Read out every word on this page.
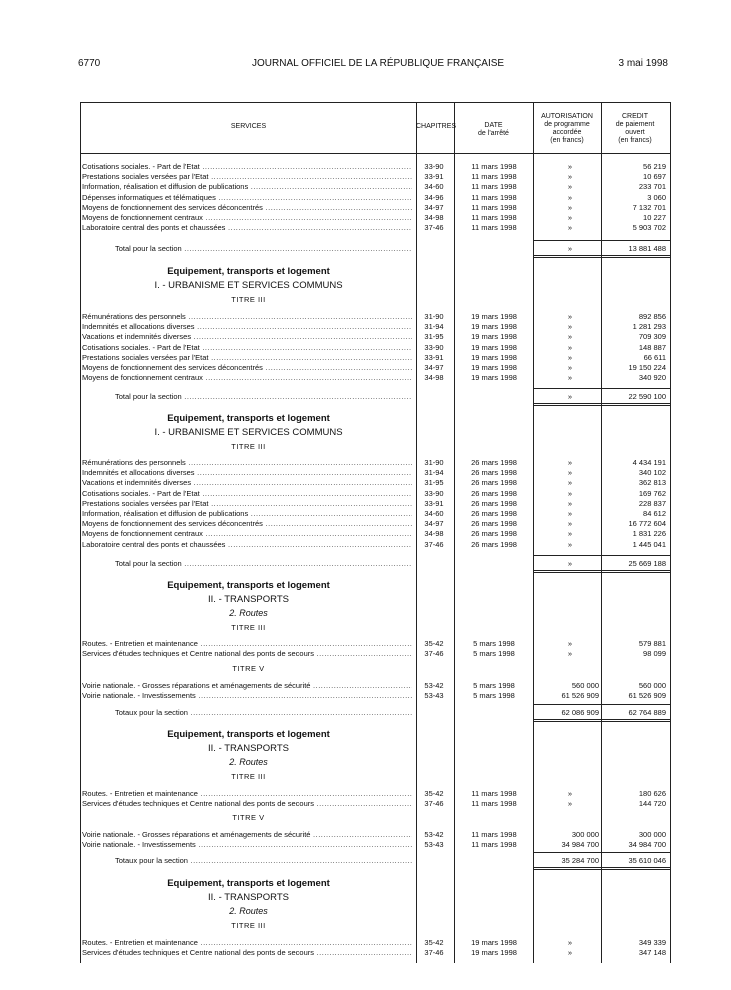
6770	JOURNAL OFFICIEL DE LA RÉPUBLIQUE FRANÇAISE	3 mai 1998
SERVICES	CHAPITRES	DATE
de l'arrêté
AUTORISATION
de programme
accordée
(en francs)
CREDIT
de paiement
ouvert
(en francs)
Cotisations sociales. - Part de l'Etat .....	33-90	11 mars 1998	»	56 219
Prestations sociales versées par l'Etat .....	33-91	11 mars 1998	»	10 697
Information, réalisation et diffusion de publications .....	34-60	11 mars 1998	»	233 701
Dépenses informatiques et télématiques .....	34-96	11 mars 1998	»	3 060
Moyens de fonctionnement des services déconcentrés .....	34-97	11 mars 1998	»	7 132 701
Moyens de fonctionnement centraux .....	34-98	11 mars 1998	»	10 227
Laboratoire central des ponts et chaussées .....	37-46	11 mars 1998	»	5 903 702
Total pour la section .....	»	13 881 488
Equipement, transports et logement
I. - URBANISME ET SERVICES COMMUNS
TITRE III
Rémunérations des personnels .....	31-90	19 mars 1998	»	892 856
Indemnités et allocations diverses .....	31-94	19 mars 1998	»	1 281 293
Vacations et indemnités diverses .....	31-95	19 mars 1998	»	709 309
Cotisations sociales. - Part de l'Etat .....	33-90	19 mars 1998	»	148 887
Prestations sociales versées par l'Etat .....	33-91	19 mars 1998	»	66 611
Moyens de fonctionnement des services déconcentrés .....	34-97	19 mars 1998	»	19 150 224
Moyens de fonctionnement centraux .....	34-98	19 mars 1998	»	340 920
Total pour la section .....	»	22 590 100
Equipement, transports et logement
I. - URBANISME ET SERVICES COMMUNS
TITRE III
Rémunérations des personnels .....	31-90	26 mars 1998	»	4 434 191
Indemnités et allocations diverses .....	31-94	26 mars 1998	»	340 102
Vacations et indemnités diverses .....	31-95	26 mars 1998	»	362 813
Cotisations sociales. - Part de l'Etat .....	33-90	26 mars 1998	»	169 762
Prestations sociales versées par l'Etat .....	33-91	26 mars 1998	»	228 837
Information, réalisation et diffusion de publications .....	34-60	26 mars 1998	»	84 612
Moyens de fonctionnement des services déconcentrés .....	34-97	26 mars 1998	»	16 772 604
Moyens de fonctionnement centraux .....	34-98	26 mars 1998	»	1 831 226
Laboratoire central des ponts et chaussées .....	37-46	26 mars 1998	»	1 445 041
Total pour la section .....	»	25 669 188
Equipement, transports et logement
II. - TRANSPORTS
2. Routes
TITRE III
Routes. - Entretien et maintenance .....	35-42	5 mars 1998	»	579 881
Services d'études techniques et Centre national des ponts de secours .....	37-46	5 mars 1998	»	98 099
TITRE V
Voirie nationale. - Grosses réparations et aménagements de sécurité .....	53-42	5 mars 1998	560 000	560 000
Voirie nationale. - Investissements .....	53-43	5 mars 1998	61 526 909	61 526 909
Totaux pour la section .....	62 086 909	62 764 889
Equipement, transports et logement
II. - TRANSPORTS
2. Routes
TITRE III
Routes. - Entretien et maintenance .....	35-42	11 mars 1998	»	180 626
Services d'études techniques et Centre national des ponts de secours .....	37-46	11 mars 1998	»	144 720
TITRE V
Voirie nationale. - Grosses réparations et aménagements de sécurité .....	53-42	11 mars 1998	300 000	300 000
Voirie nationale. - Investissements .....	53-43	11 mars 1998	34 984 700	34 984 700
Totaux pour la section .....	35 284 700	35 610 046
Equipement, transports et logement
II. - TRANSPORTS
2. Routes
TITRE III
Routes. - Entretien et maintenance .....	35-42	19 mars 1998	»	349 339
Services d'études techniques et Centre national des ponts de secours .....	37-46	19 mars 1998	»	347 148
